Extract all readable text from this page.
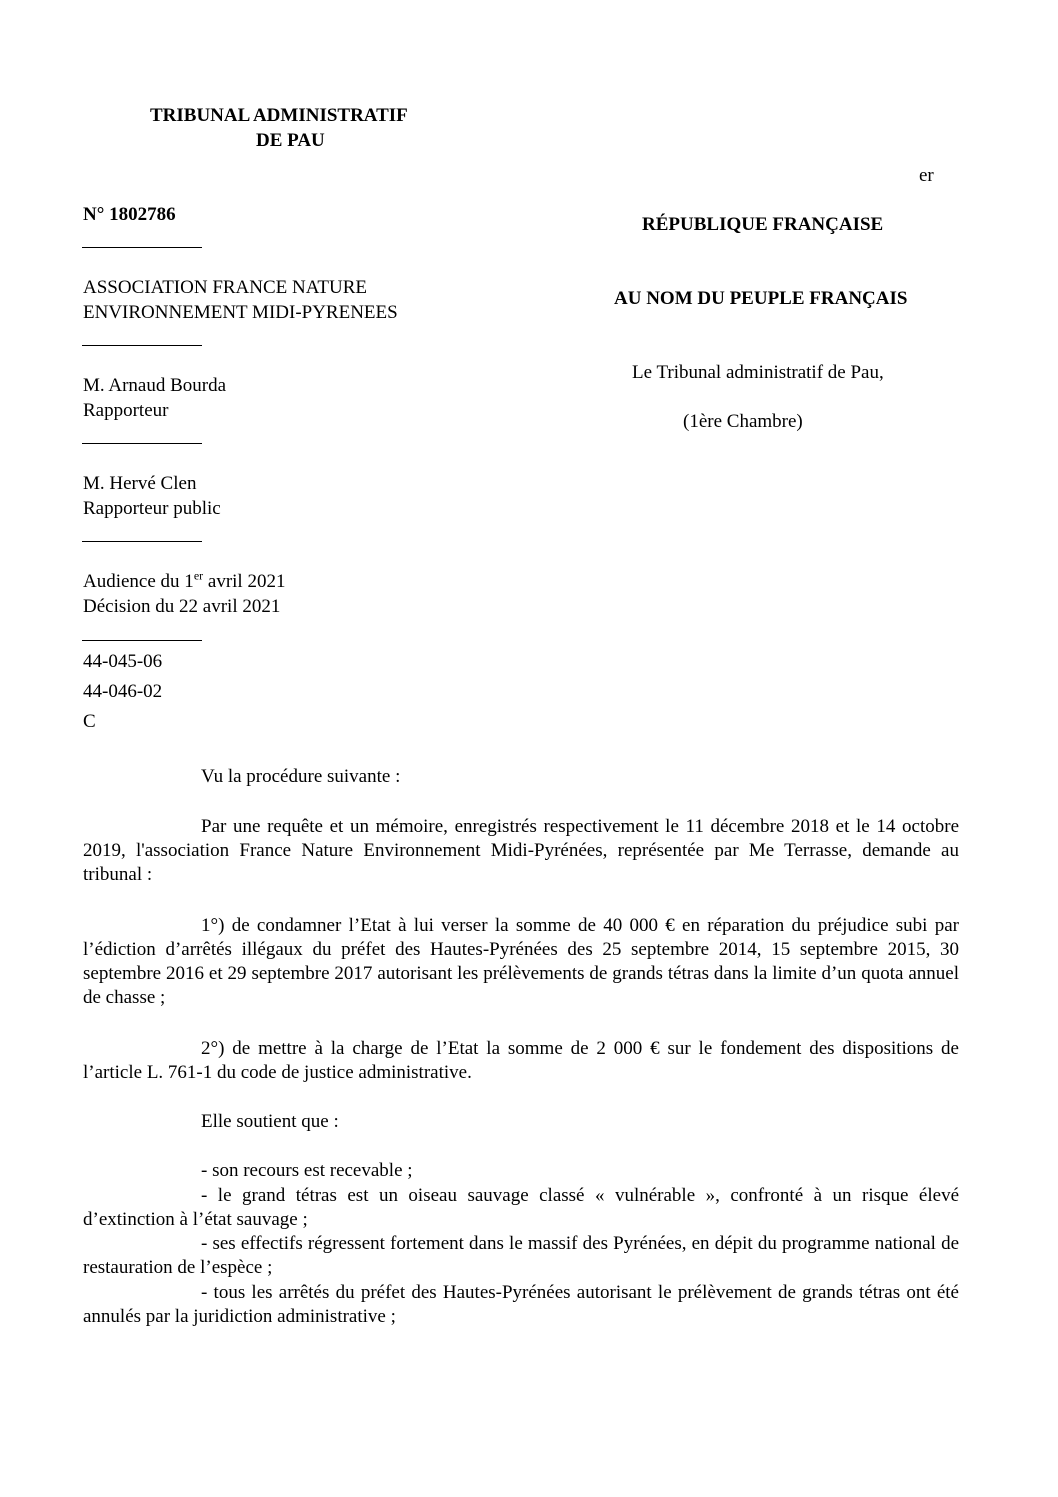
TRIBUNAL ADMINISTRATIF
DE PAU
er
N° 1802786	RÉPUBLIQUE FRANÇAISE
AU NOM DU PEUPLE FRANÇAIS
Le Tribunal administratif de Pau,
(1ère Chambre)
ASSOCIATION FRANCE NATURE
ENVIRONNEMENT MIDI-PYRENEES
M. Arnaud Bourda
Rapporteur
M. Hervé Clen
Rapporteur public
Audience du 1er avril 2021
Décision du 22 avril 2021
44-045-06
44-046-02
C
Vu la procédure suivante :
Par une requête et un mémoire, enregistrés respectivement le 11 décembre 2018 et le 14 octobre 2019, l'association France Nature Environnement Midi-Pyrénées, représentée par Me Terrasse, demande au tribunal :
1°) de condamner l’Etat à lui verser la somme de 40 000 € en réparation du préjudice subi par l’édiction d’arrêtés illégaux du préfet des Hautes-Pyrénées des 25 septembre 2014, 15 septembre 2015, 30 septembre 2016 et 29 septembre 2017 autorisant les prélèvements de grands tétras dans la limite d’un quota annuel de chasse ;
2°) de mettre à la charge de l’Etat la somme de 2 000 € sur le fondement des dispositions de l’article L. 761-1 du code de justice administrative.
Elle soutient que :
- son recours est recevable ;
- le grand tétras est un oiseau sauvage classé « vulnérable », confronté à un risque élevé d’extinction à l’état sauvage ;
- ses effectifs régressent fortement dans le massif des Pyrénées, en dépit du programme national de restauration de l’espèce ;
- tous les arrêtés du préfet des Hautes-Pyrénées autorisant le prélèvement de grands tétras ont été annulés par la juridiction administrative ;
